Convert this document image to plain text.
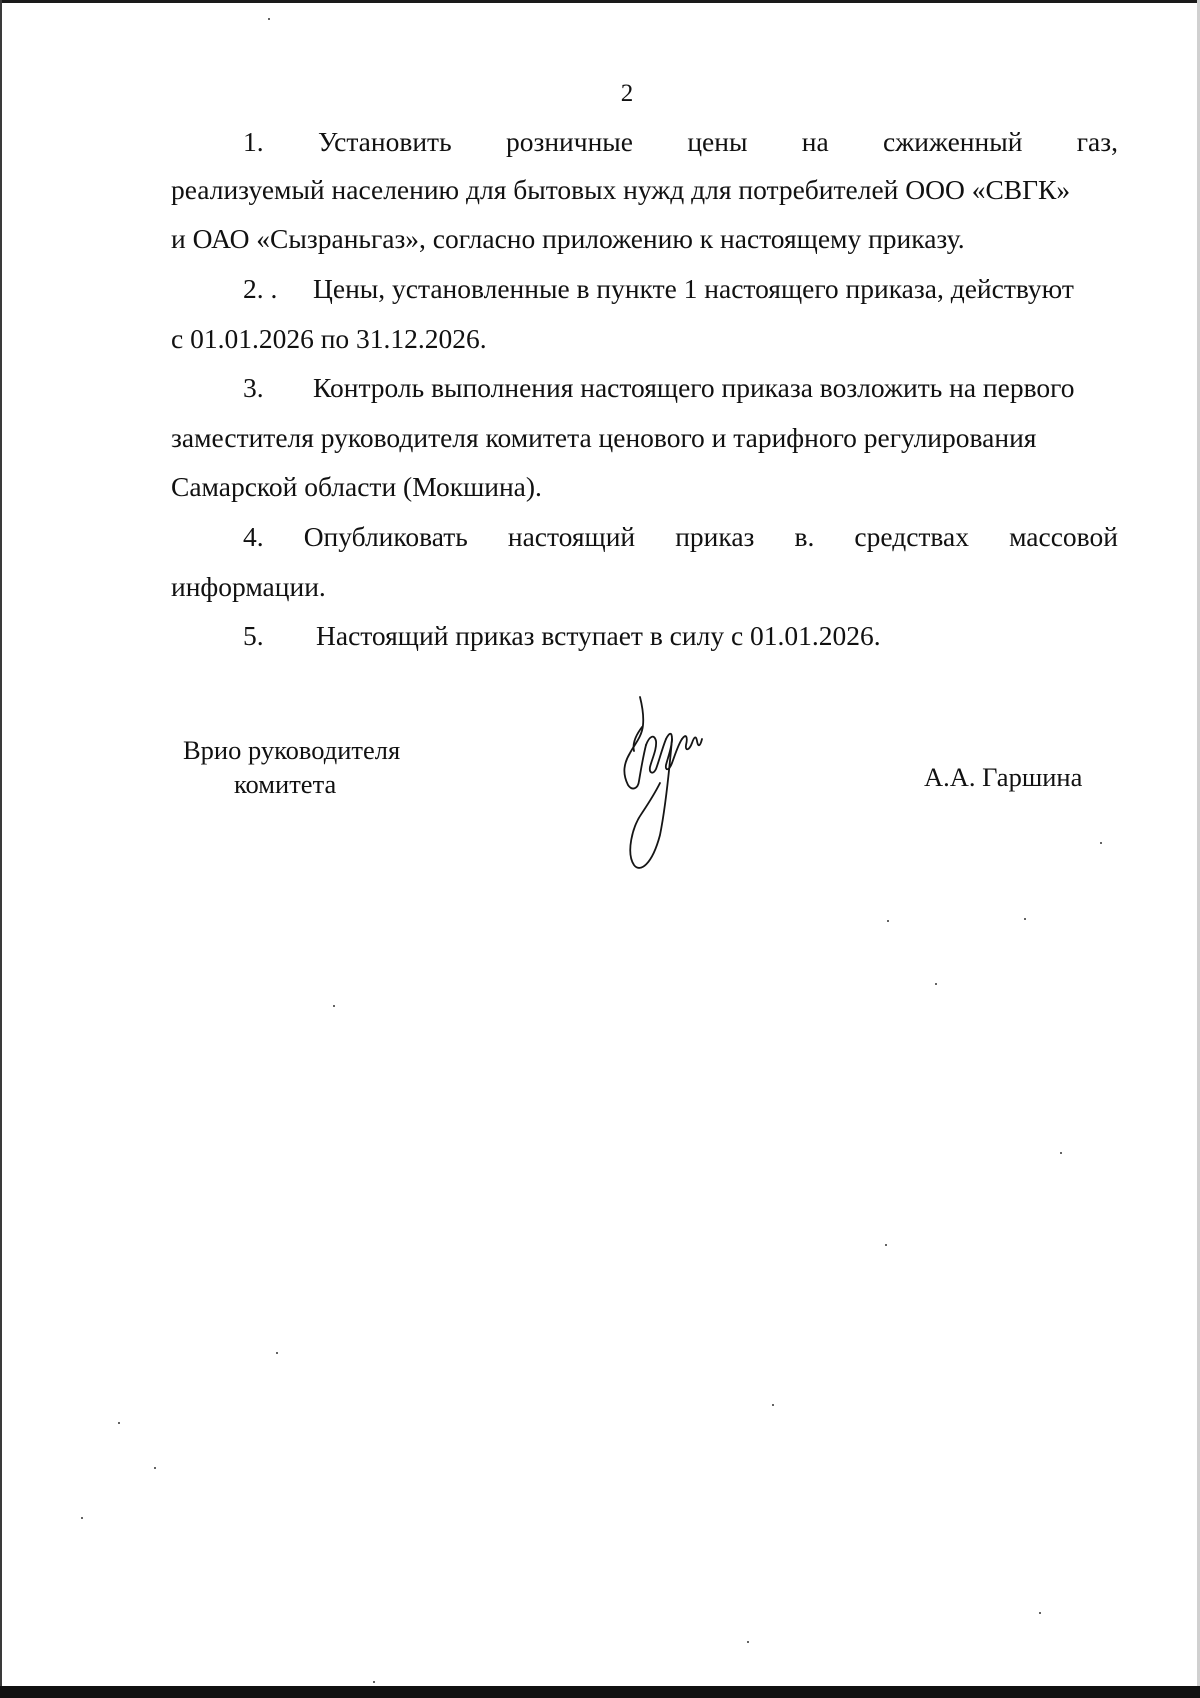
2
1. Установить розничные цены на сжиженный газ,
реализуемый населению для бытовых нужд для потребителей ООО «СВГК»
и ОАО «Сызраньгаз», согласно приложению к настоящему приказу.
2. . Цены, установленные в пункте 1 настоящего приказа, действуют
с 01.01.2026 по 31.12.2026.
3. Контроль выполнения настоящего приказа возложить на первого
заместителя руководителя комитета ценового и тарифного регулирования
Самарской области (Мокшина).
4. Опубликовать настоящий приказ в. средствах массовой
информации.
5. Настоящий приказ вступает в силу с 01.01.2026.
Врио руководителя
комитета	А.А. Гаршина
